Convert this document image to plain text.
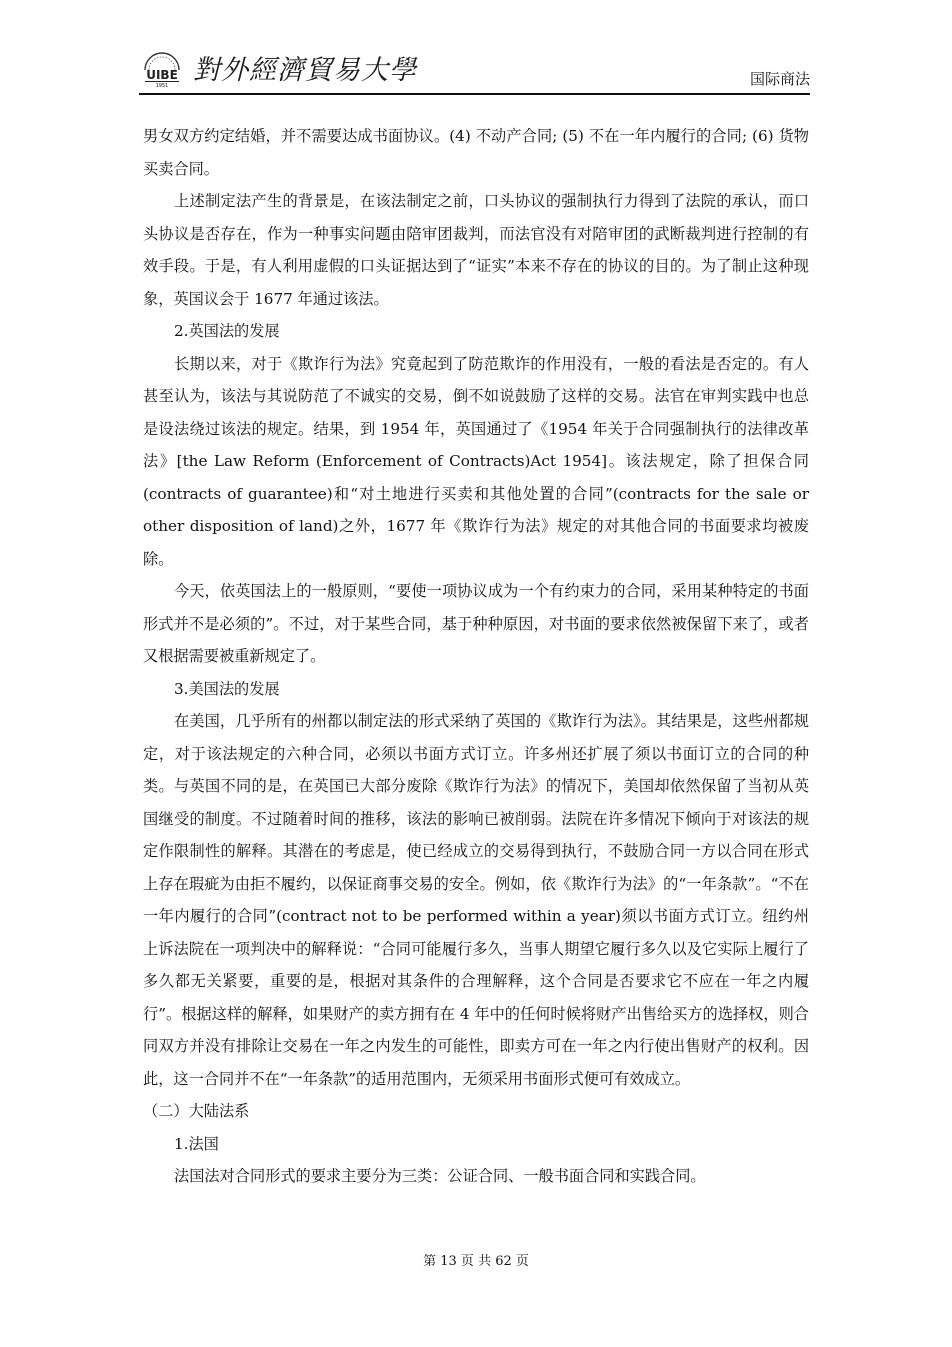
UIBE
1951 對外經濟貿易大學	国际商法

男女双方约定结婚，并不需要达成书面协议。(4) 不动产合同; (5) 不在一年内履行的合同; (6) 货物买卖合同。

上述制定法产生的背景是，在该法制定之前，口头协议的强制执行力得到了法院的承认，而口头协议是否存在，作为一种事实问题由陪审团裁判，而法官没有对陪审团的武断裁判进行控制的有效手段。于是，有人利用虚假的口头证据达到了“证实”本来不存在的协议的目的。为了制止这种现象，英国议会于 1677 年通过该法。

2.英国法的发展

长期以来，对于《欺诈行为法》究竟起到了防范欺诈的作用没有，一般的看法是否定的。有人甚至认为，该法与其说防范了不诚实的交易，倒不如说鼓励了这样的交易。法官在审判实践中也总是设法绕过该法的规定。结果，到 1954 年，英国通过了《1954 年关于合同强制执行的法律改革法》[the Law Reform (Enforcement of Contracts)Act 1954]。该法规定，除了担保合同 (contracts of guarantee)和“对土地进行买卖和其他处置的合同”(contracts for the sale or other disposition of land)之外，1677 年《欺诈行为法》规定的对其他合同的书面要求均被废除。

今天，依英国法上的一般原则，“要使一项协议成为一个有约束力的合同，采用某种特定的书面形式并不是必须的”。不过，对于某些合同，基于种种原因，对书面的要求依然被保留下来了，或者又根据需要被重新规定了。

3.美国法的发展

在美国，几乎所有的州都以制定法的形式采纳了英国的《欺诈行为法》。其结果是，这些州都规定，对于该法规定的六种合同，必须以书面方式订立。许多州还扩展了须以书面订立的合同的种类。与英国不同的是，在英国已大部分废除《欺诈行为法》的情况下，美国却依然保留了当初从英国继受的制度。不过随着时间的推移，该法的影响已被削弱。法院在许多情况下倾向于对该法的规定作限制性的解释。其潜在的考虑是，使已经成立的交易得到执行，不鼓励合同一方以合同在形式上存在瑕疵为由拒不履约，以保证商事交易的安全。例如，依《欺诈行为法》的“一年条款”。“不在一年内履行的合同”(contract not to be performed within a year)须以书面方式订立。纽约州上诉法院在一项判决中的解释说：“合同可能履行多久，当事人期望它履行多久以及它实际上履行了多久都无关紧要，重要的是，根据对其条件的合理解释，这个合同是否要求它不应在一年之内履行”。根据这样的解释，如果财产的卖方拥有在 4 年中的任何时候将财产出售给买方的选择权，则合同双方并没有排除让交易在一年之内发生的可能性，即卖方可在一年之内行使出售财产的权利。因此，这一合同并不在“一年条款”的适用范围内，无须采用书面形式便可有效成立。

（二）大陆法系

1.法国

法国法对合同形式的要求主要分为三类：公证合同、一般书面合同和实践合同。

第 13 页 共 62 页
